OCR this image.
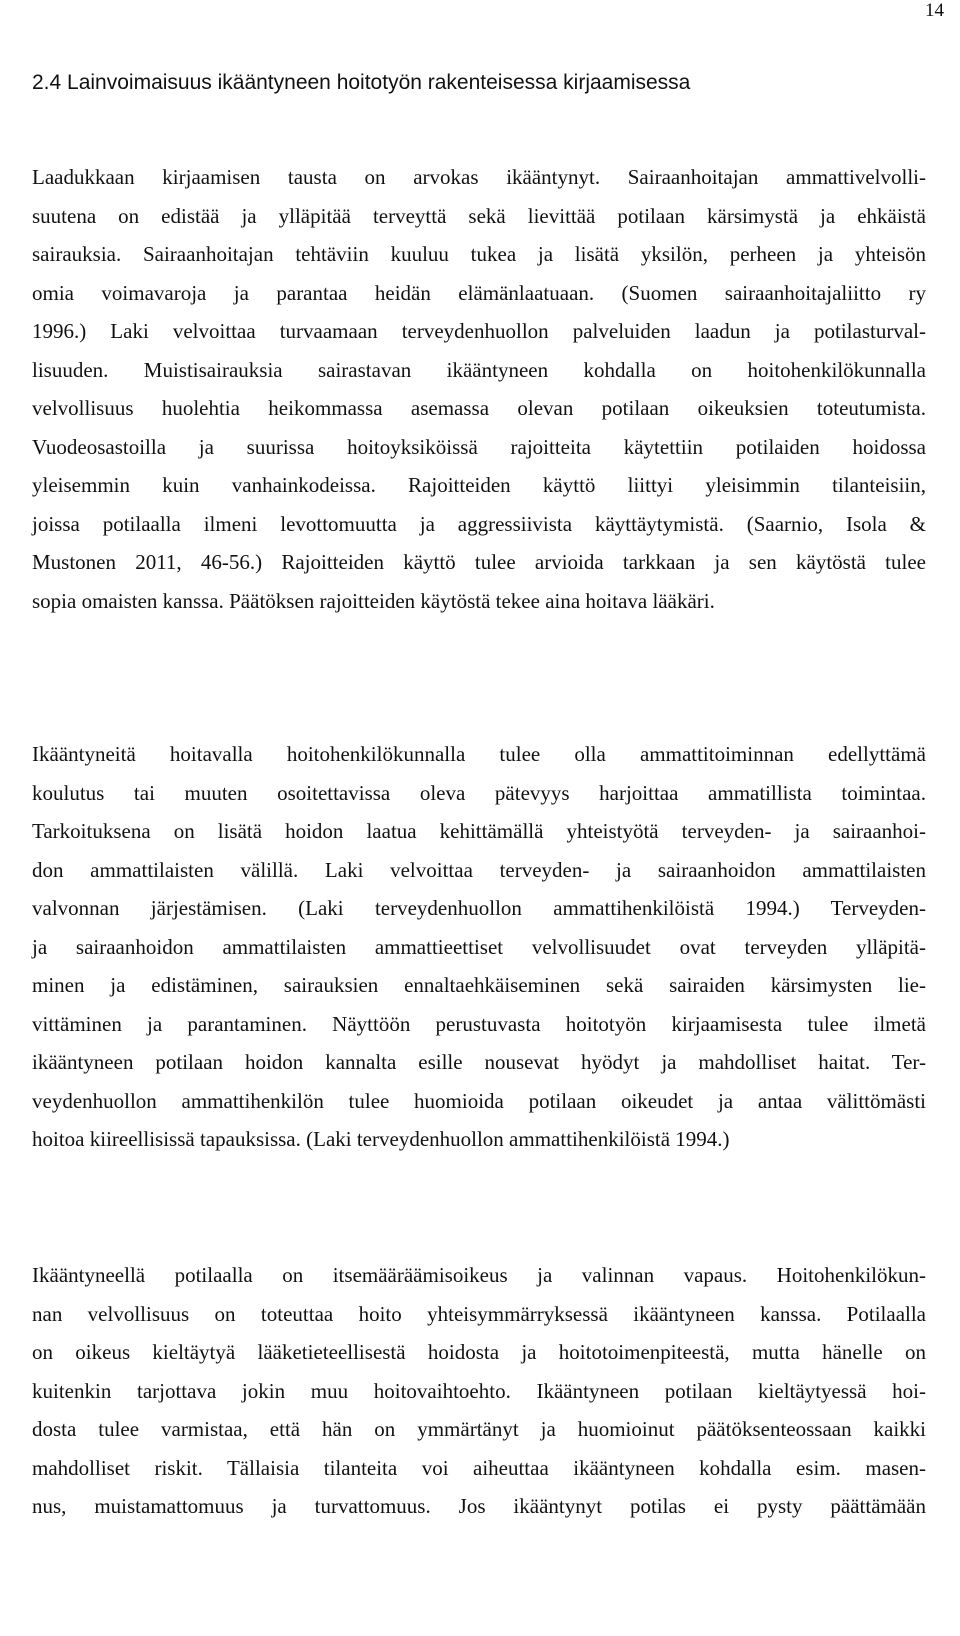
14
2.4 Lainvoimaisuus ikääntyneen hoitotyön rakenteisessa kirjaamisessa
Laadukkaan kirjaamisen tausta on arvokas ikääntynyt. Sairaanhoitajan ammattivelvolli-
suutena on edistää ja ylläpitää terveyttä sekä lievittää potilaan kärsimystä ja ehkäistä
sairauksia. Sairaanhoitajan tehtäviin kuuluu tukea ja lisätä yksilön, perheen ja yhteisön
omia voimavaroja ja parantaa heidän elämänlaatuaan. (Suomen sairaanhoitajaliitto ry
1996.) Laki velvoittaa turvaamaan terveydenhuollon palveluiden laadun ja potilasturval-
lisuuden. Muistisairauksia sairastavan ikääntyneen kohdalla on hoitohenkilökunnalla
velvollisuus huolehtia heikommassa asemassa olevan potilaan oikeuksien toteutumista.
Vuodeosastoilla ja suurissa hoitoyksiköissä rajoitteita käytettiin potilaiden hoidossa
yleisemmin kuin vanhainkodeissa. Rajoitteiden käyttö liittyi yleisimmin tilanteisiin,
joissa potilaalla ilmeni levottomuutta ja aggressiivista käyttäytymistä. (Saarnio, Isola &
Mustonen 2011, 46-56.) Rajoitteiden käyttö tulee arvioida tarkkaan ja sen käytöstä tulee
sopia omaisten kanssa. Päätöksen rajoitteiden käytöstä tekee aina hoitava lääkäri.
Ikääntyneitä hoitavalla hoitohenkilökunnalla tulee olla ammattitoiminnan edellyttämä
koulutus tai muuten osoitettavissa oleva pätevyys harjoittaa ammatillista toimintaa.
Tarkoituksena on lisätä hoidon laatua kehittämällä yhteistyötä terveyden- ja sairaanhoi-
don ammattilaisten välillä. Laki velvoittaa terveyden- ja sairaanhoidon ammattilaisten
valvonnan järjestämisen. (Laki terveydenhuollon ammattihenkilöistä 1994.) Terveyden-
ja sairaanhoidon ammattilaisten ammattieettiset velvollisuudet ovat terveyden ylläpitä-
minen ja edistäminen, sairauksien ennaltaehkäiseminen sekä sairaiden kärsimysten lie-
vittäminen ja parantaminen. Näyttöön perustuvasta hoitotyön kirjaamisesta tulee ilmetä
ikääntyneen potilaan hoidon kannalta esille nousevat hyödyt ja mahdolliset haitat. Ter-
veydenhuollon ammattihenkilön tulee huomioida potilaan oikeudet ja antaa välittömästi
hoitoa kiireellisissä tapauksissa. (Laki terveydenhuollon ammattihenkilöistä 1994.)
Ikääntyneellä potilaalla on itsemääräämisoikeus ja valinnan vapaus. Hoitohenkilökun-
nan velvollisuus on toteuttaa hoito yhteisymmärryksessä ikääntyneen kanssa. Potilaalla
on oikeus kieltäytyä lääketieteellisestä hoidosta ja hoitotoimenpiteestä, mutta hänelle on
kuitenkin tarjottava jokin muu hoitovaihtoehto. Ikääntyneen potilaan kieltäytyessä hoi-
dosta tulee varmistaa, että hän on ymmärtänyt ja huomioinut päätöksenteossaan kaikki
mahdolliset riskit. Tällaisia tilanteita voi aiheuttaa ikääntyneen kohdalla esim. masen-
nus, muistamattomuus ja turvattomuus. Jos ikääntynyt potilas ei pysty päättämään
